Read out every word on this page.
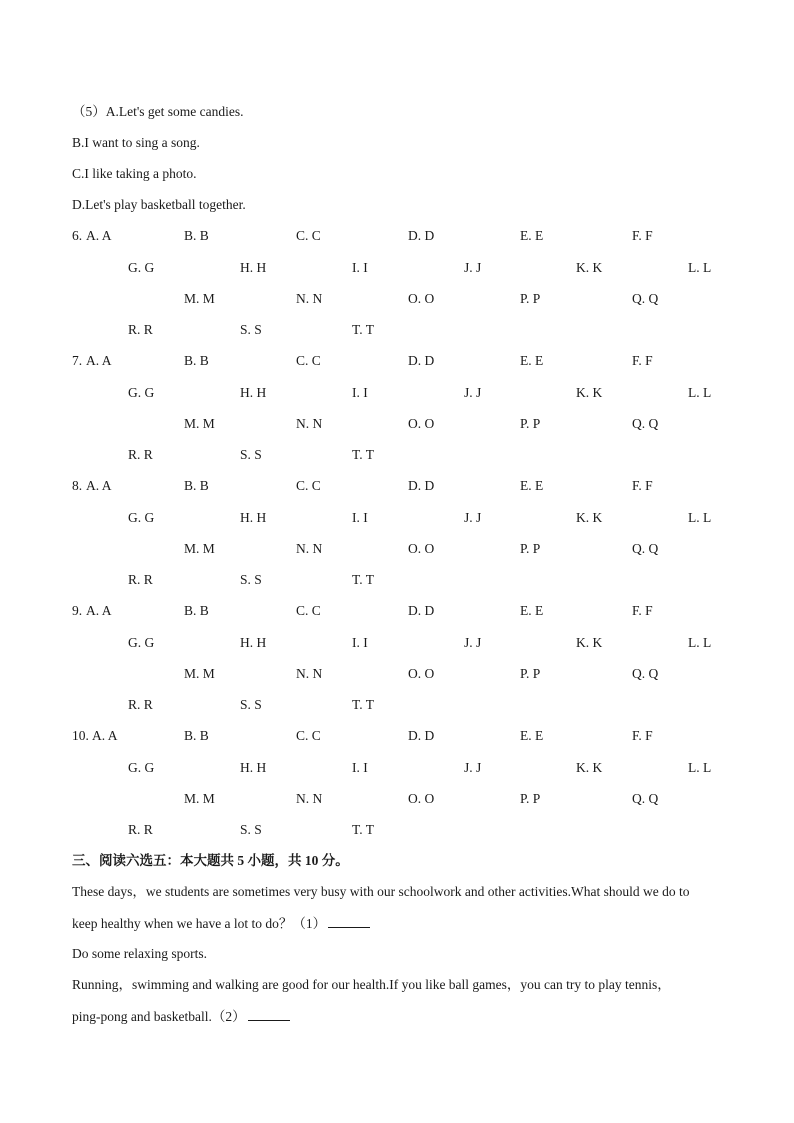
（5）A.Let's get some candies.
B.I want to sing a song.
C.I like taking a photo.
D.Let's play basketball together.
6. A. A	B. B	C. C	D. D	E. E	F. F
G. G	H. H	I. I	J. J	K. K	L. L
M. M	N. N	O. O	P. P	Q. Q
R. R	S. S	T. T
7. A. A	B. B	C. C	D. D	E. E	F. F
G. G	H. H	I. I	J. J	K. K	L. L
M. M	N. N	O. O	P. P	Q. Q
R. R	S. S	T. T
8. A. A	B. B	C. C	D. D	E. E	F. F
G. G	H. H	I. I	J. J	K. K	L. L
M. M	N. N	O. O	P. P	Q. Q
R. R	S. S	T. T
9. A. A	B. B	C. C	D. D	E. E	F. F
G. G	H. H	I. I	J. J	K. K	L. L
M. M	N. N	O. O	P. P	Q. Q
R. R	S. S	T. T
10. A. A	B. B	C. C	D. D	E. E	F. F
G. G	H. H	I. I	J. J	K. K	L. L
M. M	N. N	O. O	P. P	Q. Q
R. R	S. S	T. T
三、阅读六选五：本大题共 5 小题，共 10 分。
These days，we students are sometimes very busy with our schoolwork and other activities.What should we do to
keep healthy when we have a lot to do？（1）
Do some relaxing sports.
Running，swimming and walking are good for our health.If you like ball games，you can try to play tennis，
ping-pong and basketball.（2）
